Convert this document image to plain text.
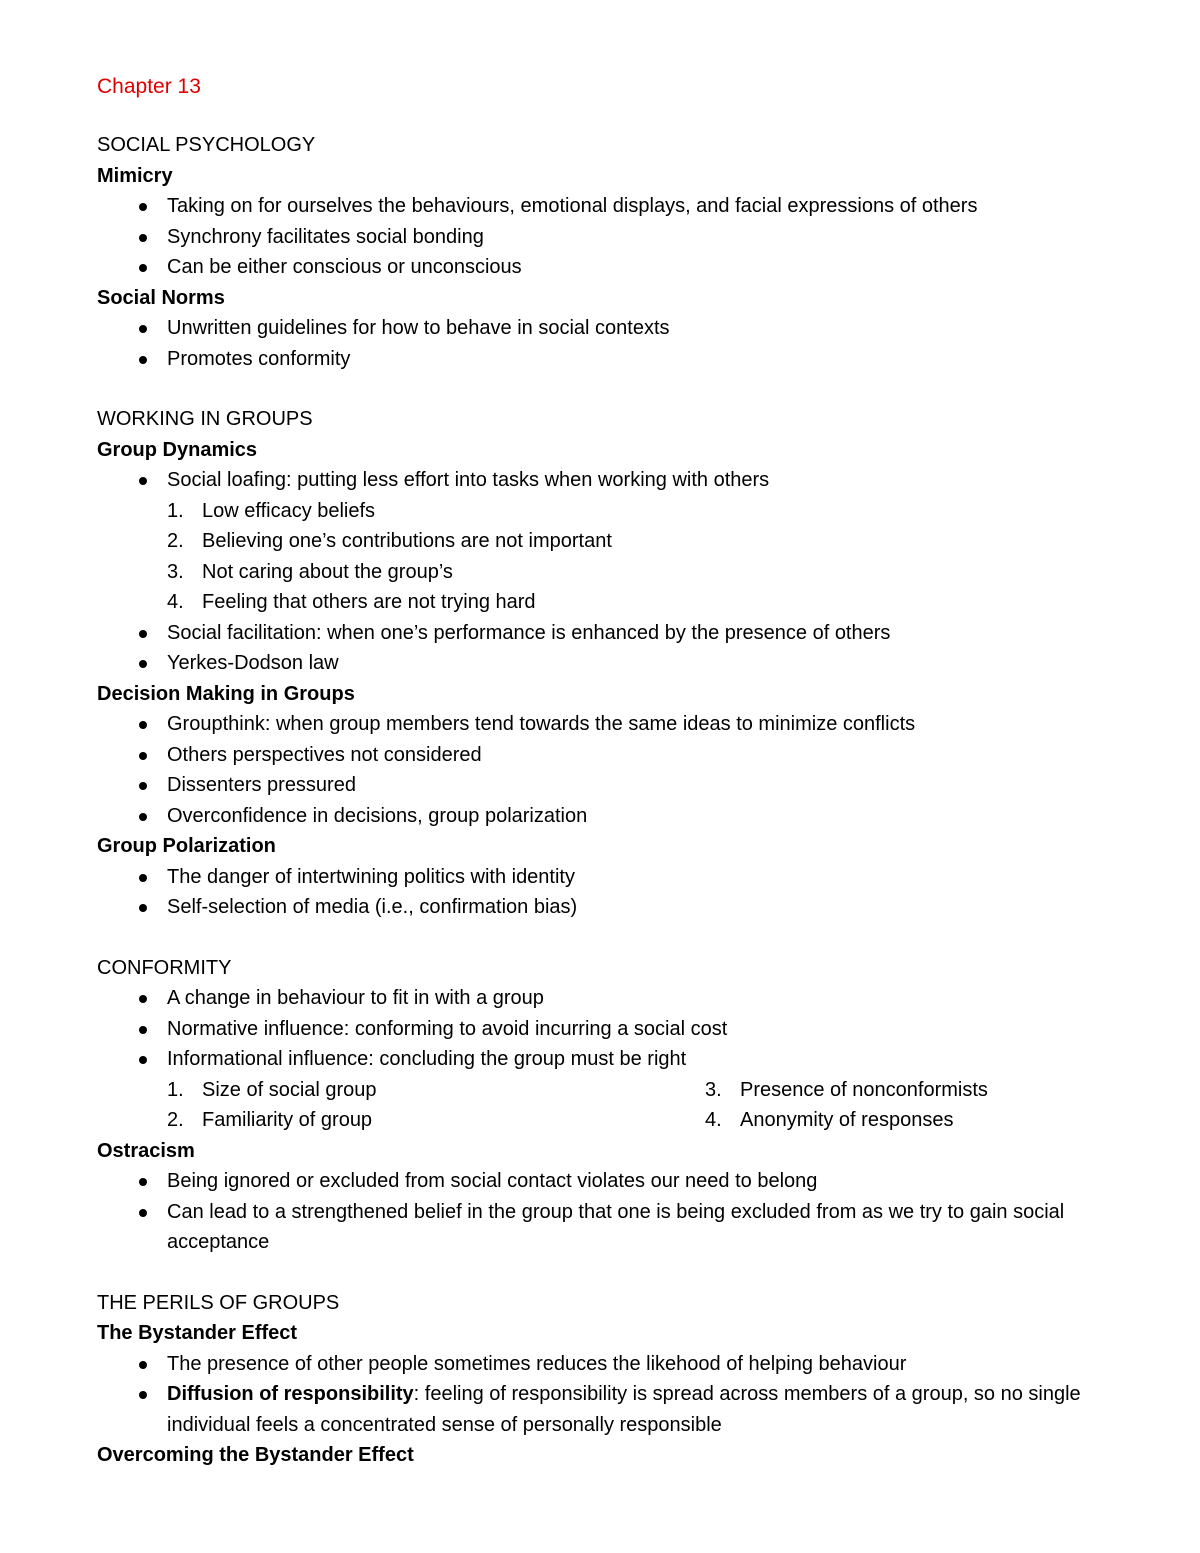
Chapter 13
SOCIAL PSYCHOLOGY
Mimicry
Taking on for ourselves the behaviours, emotional displays, and facial expressions of others
Synchrony facilitates social bonding
Can be either conscious or unconscious
Social Norms
Unwritten guidelines for how to behave in social contexts
Promotes conformity
WORKING IN GROUPS
Group Dynamics
Social loafing: putting less effort into tasks when working with others
1. Low efficacy beliefs
2. Believing one’s contributions are not important
3. Not caring about the group’s
4. Feeling that others are not trying hard
Social facilitation: when one’s performance is enhanced by the presence of others
Yerkes-Dodson law
Decision Making in Groups
Groupthink: when group members tend towards the same ideas to minimize conflicts
Others perspectives not considered
Dissenters pressured
Overconfidence in decisions, group polarization
Group Polarization
The danger of intertwining politics with identity
Self-selection of media (i.e., confirmation bias)
CONFORMITY
A change in behaviour to fit in with a group
Normative influence: conforming to avoid incurring a social cost
Informational influence: concluding the group must be right
1. Size of social group	3. Presence of nonconformists
2. Familiarity of group	4. Anonymity of responses
Ostracism
Being ignored or excluded from social contact violates our need to belong
Can lead to a strengthened belief in the group that one is being excluded from as we try to gain social acceptance
THE PERILS OF GROUPS
The Bystander Effect
The presence of other people sometimes reduces the likehood of helping behaviour
Diffusion of responsibility: feeling of responsibility is spread across members of a group, so no single individual feels a concentrated sense of personally responsible
Overcoming the Bystander Effect
